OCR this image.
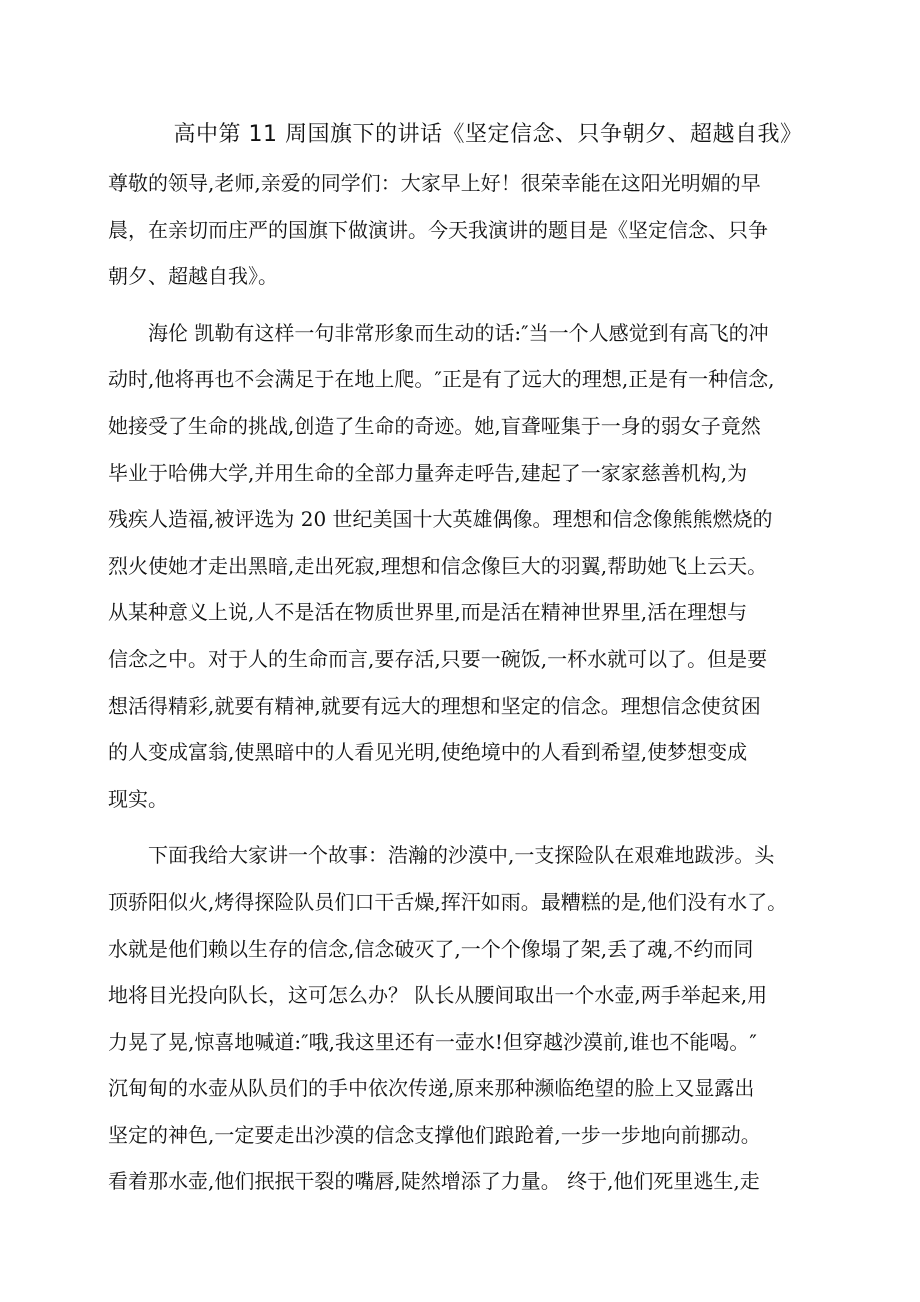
高中第 11 周国旗下的讲话《坚定信念、只争朝夕、超越自我》
尊敬的领导,老师,亲爱的同学们：大家早上好！很荣幸能在这阳光明媚的早
晨，在亲切而庄严的国旗下做演讲。今天我演讲的题目是《坚定信念、只争
朝夕、超越自我》。
海伦 凯勒有这样一句非常形象而生动的话:″当一个人感觉到有高飞的冲
动时,他将再也不会满足于在地上爬。″正是有了远大的理想,正是有一种信念,
她接受了生命的挑战,创造了生命的奇迹。她,盲聋哑集于一身的弱女子竟然
毕业于哈佛大学,并用生命的全部力量奔走呼告,建起了一家家慈善机构,为
残疾人造福,被评选为 20 世纪美国十大英雄偶像。理想和信念像熊熊燃烧的
烈火使她才走出黑暗,走出死寂,理想和信念像巨大的羽翼,帮助她飞上云天。
从某种意义上说,人不是活在物质世界里,而是活在精神世界里,活在理想与
信念之中。对于人的生命而言,要存活,只要一碗饭,一杯水就可以了。但是要
想活得精彩,就要有精神,就要有远大的理想和坚定的信念。理想信念使贫困
的人变成富翁,使黑暗中的人看见光明,使绝境中的人看到希望,使梦想变成
现实。
下面我给大家讲一个故事：浩瀚的沙漠中,一支探险队在艰难地跋涉。头
顶骄阳似火,烤得探险队员们口干舌燥,挥汗如雨。最糟糕的是,他们没有水了。
水就是他们赖以生存的信念,信念破灭了,一个个像塌了架,丢了魂,不约而同
地将目光投向队长，这可怎么办？ 队长从腰间取出一个水壶,两手举起来,用
力晃了晃,惊喜地喊道:″哦,我这里还有一壶水!但穿越沙漠前,谁也不能喝。″
沉甸甸的水壶从队员们的手中依次传递,原来那种濒临绝望的脸上又显露出
坚定的神色,一定要走出沙漠的信念支撑他们踉跄着,一步一步地向前挪动。
看着那水壶,他们抿抿干裂的嘴唇,陡然增添了力量。 终于,他们死里逃生,走
